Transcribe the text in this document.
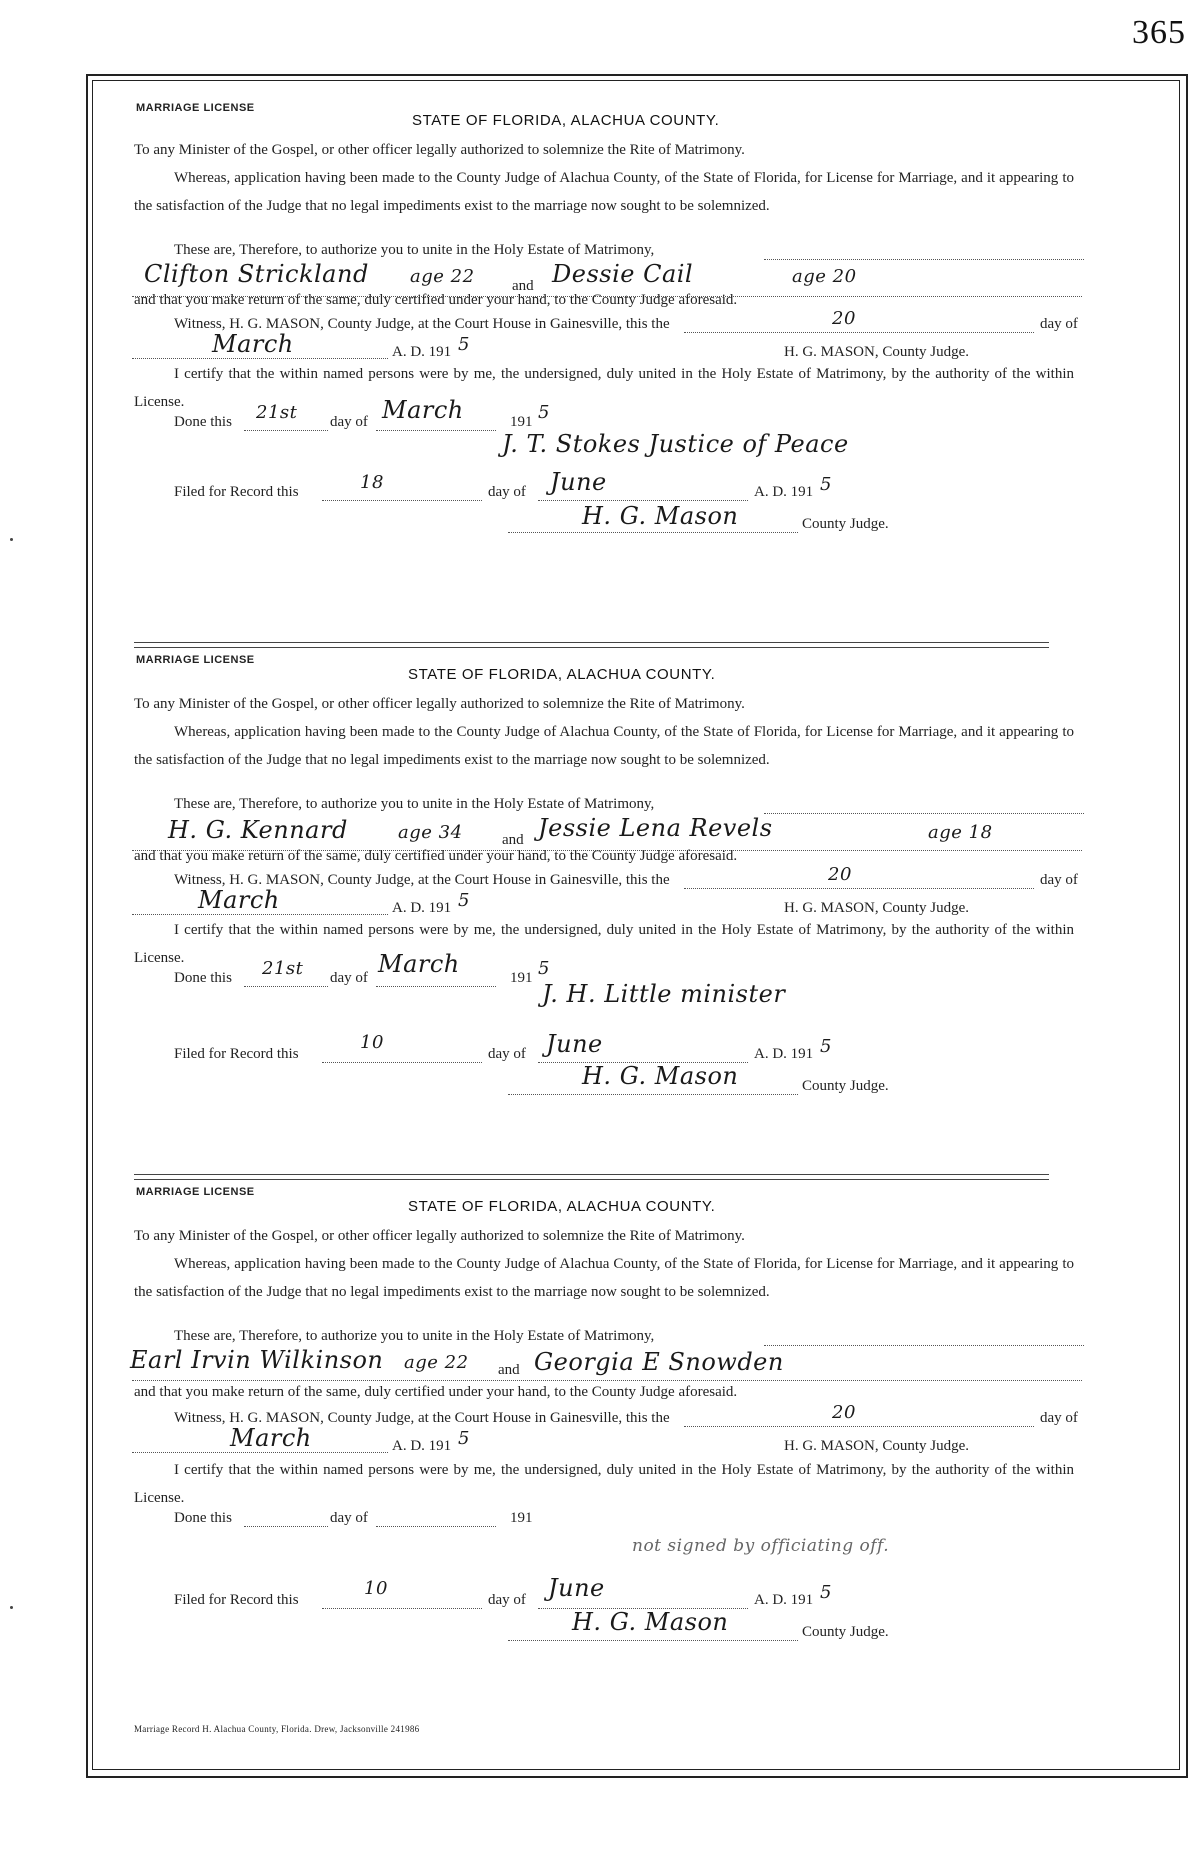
365
MARRIAGE LICENSE
STATE OF FLORIDA, ALACHUA COUNTY.
To any Minister of the Gospel, or other officer legally authorized to solemnize the Rite of Matrimony.
Whereas, application having been made to the County Judge of Alachua County, of the State of Florida, for License for Marriage, and it appearing to the satisfaction of the Judge that no legal impediments exist to the marriage now sought to be solemnized.
These are, Therefore, to authorize you to unite in the Holy Estate of Matrimony,
Clifton Strickland age 22 and Dessie Cail	age 20
and that you make return of the same, duly certified under your hand, to the County Judge aforesaid.
Witness, H. G. MASON, County Judge, at the Court House in Gainesville, this the	20	day of
March	A. D. 191 5	H. G. MASON, County Judge.
I certify that the within named persons were by me, the undersigned, duly united in the Holy Estate of Matrimony, by the authority of the within License.
Done this 21st day of March	191 5
J. T. Stokes Justice of Peace
Filed for Record this	18	day of June	A. D. 191 5
H. G. Mason	County Judge.
MARRIAGE LICENSE
STATE OF FLORIDA, ALACHUA COUNTY.
To any Minister of the Gospel, or other officer legally authorized to solemnize the Rite of Matrimony.
Whereas, application having been made to the County Judge of Alachua County, of the State of Florida, for License for Marriage, and it appearing to the satisfaction of the Judge that no legal impediments exist to the marriage now sought to be solemnized.
These are, Therefore, to authorize you to unite in the Holy Estate of Matrimony,
H. G. Kennard	age 34	and Jessie Lena Revels	age 18
and that you make return of the same, duly certified under your hand, to the County Judge aforesaid.
Witness, H. G. MASON, County Judge, at the Court House in Gainesville, this the	20	day of
March	A. D. 191 5	H. G. MASON, County Judge.
I certify that the within named persons were by me, the undersigned, duly united in the Holy Estate of Matrimony, by the authority of the within License.
Done this 21st day of March	191 5
J. H. Little minister
Filed for Record this
10
day of June	A. D. 191 5
H. G. Mason	County Judge.
MARRIAGE LICENSE
STATE OF FLORIDA, ALACHUA COUNTY.
To any Minister of the Gospel, or other officer legally authorized to solemnize the Rite of Matrimony.
Whereas, application having been made to the County Judge of Alachua County, of the State of Florida, for License for Marriage, and it appearing to the satisfaction of the Judge that no legal impediments exist to the marriage now sought to be solemnized.
These are, Therefore, to authorize you to unite in the Holy Estate of Matrimony,
Earl Irvin Wilkinson age 22 and Georgia E Snowden
and that you make return of the same, duly certified under your hand, to the County Judge aforesaid.
Witness, H. G. MASON, County Judge, at the Court House in Gainesville, this the	20	day of
March	A. D. 191 5	H. G. MASON, County Judge.
I certify that the within named persons were by me, the undersigned, duly united in the Holy Estate of Matrimony, by the authority of the within License.
Done this	day of	191
not signed by officiating off.
Filed for Record this
10
day of June	A. D. 191 5
H. G. Mason	County Judge.
Marriage Record H. Alachua County, Florida. Drew, Jacksonville 241986
